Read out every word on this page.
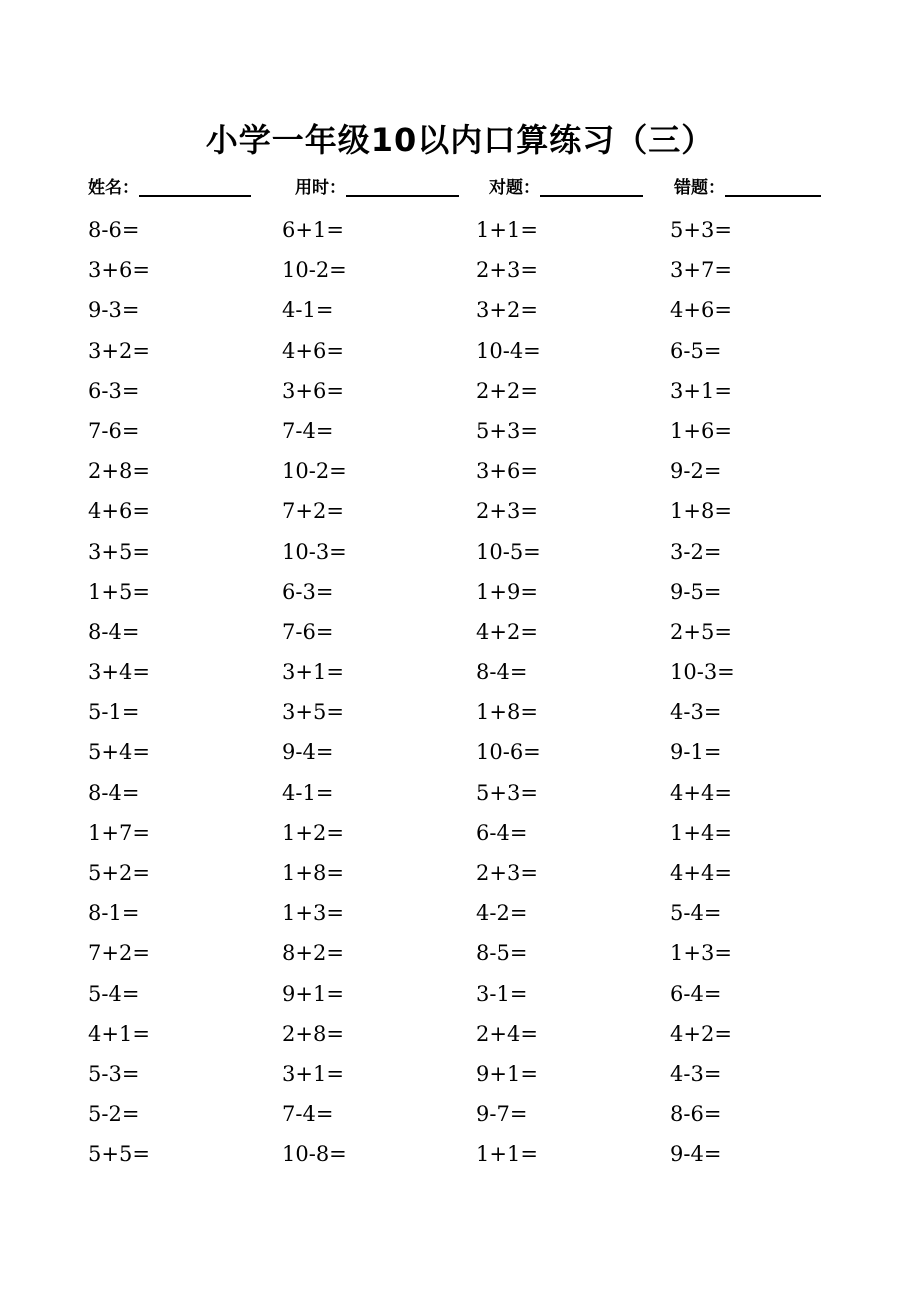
小学一年级10以内口算练习（三）
姓名：	用时：	对题：	错题：
8-6=	6+1=	1+1=	5+3=
3+6=	10-2=	2+3=	3+7=
9-3=	4-1=	3+2=	4+6=
3+2=	4+6=	10-4=	6-5=
6-3=	3+6=	2+2=	3+1=
7-6=	7-4=	5+3=	1+6=
2+8=	10-2=	3+6=	9-2=
4+6=	7+2=	2+3=	1+8=
3+5=	10-3=	10-5=	3-2=
1+5=	6-3=	1+9=	9-5=
8-4=	7-6=	4+2=	2+5=
3+4=	3+1=	8-4=	10-3=
5-1=	3+5=	1+8=	4-3=
5+4=	9-4=	10-6=	9-1=
8-4=	4-1=	5+3=	4+4=
1+7=	1+2=	6-4=	1+4=
5+2=	1+8=	2+3=	4+4=
8-1=	1+3=	4-2=	5-4=
7+2=	8+2=	8-5=	1+3=
5-4=	9+1=	3-1=	6-4=
4+1=	2+8=	2+4=	4+2=
5-3=	3+1=	9+1=	4-3=
5-2=	7-4=	9-7=	8-6=
5+5=	10-8=	1+1=	9-4=
